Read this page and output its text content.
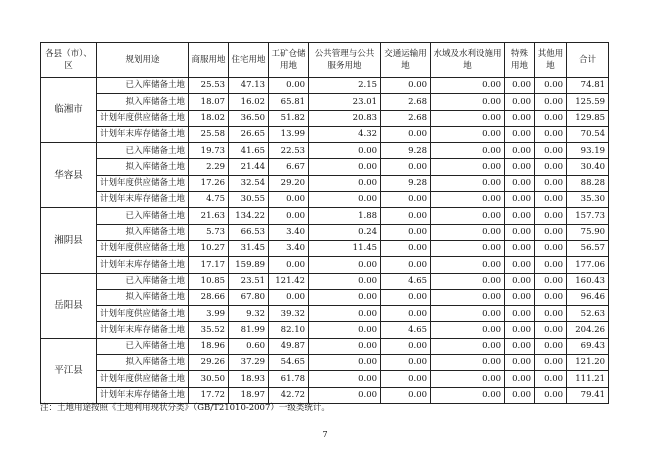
各县（市）、区	规划用途	商服用地	住宅用地	工矿仓储用地	公共管理与公共服务用地	交通运输用地	水域及水利设施用地	特殊用地	其他用地	合计
临湘市	已入库储备土地	25.53	47.13	0.00	2.15	0.00	0.00	0.00	0.00	74.81
	拟入库储备土地	18.07	16.02	65.81	23.01	2.68	0.00	0.00	0.00	125.59
	计划年度供应储备土地	18.02	36.50	51.82	20.83	2.68	0.00	0.00	0.00	129.85
	计划年末库存储备土地	25.58	26.65	13.99	4.32	0.00	0.00	0.00	0.00	70.54
华容县	已入库储备土地	19.73	41.65	22.53	0.00	9.28	0.00	0.00	0.00	93.19
	拟入库储备土地	2.29	21.44	6.67	0.00	0.00	0.00	0.00	0.00	30.40
	计划年度供应储备土地	17.26	32.54	29.20	0.00	9.28	0.00	0.00	0.00	88.28
	计划年末库存储备土地	4.75	30.55	0.00	0.00	0.00	0.00	0.00	0.00	35.30
湘阴县	已入库储备土地	21.63	134.22	0.00	1.88	0.00	0.00	0.00	0.00	157.73
	拟入库储备土地	5.73	66.53	3.40	0.24	0.00	0.00	0.00	0.00	75.90
	计划年度供应储备土地	10.27	31.45	3.40	11.45	0.00	0.00	0.00	0.00	56.57
	计划年末库存储备土地	17.17	159.89	0.00	0.00	0.00	0.00	0.00	0.00	177.06
岳阳县	已入库储备土地	10.85	23.51	121.42	0.00	4.65	0.00	0.00	0.00	160.43
	拟入库储备土地	28.66	67.80	0.00	0.00	0.00	0.00	0.00	0.00	96.46
	计划年度供应储备土地	3.99	9.32	39.32	0.00	0.00	0.00	0.00	0.00	52.63
	计划年末库存储备土地	35.52	81.99	82.10	0.00	4.65	0.00	0.00	0.00	204.26
平江县	已入库储备土地	18.96	0.60	49.87	0.00	0.00	0.00	0.00	0.00	69.43
	拟入库储备土地	29.26	37.29	54.65	0.00	0.00	0.00	0.00	0.00	121.20
	计划年度供应储备土地	30.50	18.93	61.78	0.00	0.00	0.00	0.00	0.00	111.21
	计划年末库存储备土地	17.72	18.97	42.72	0.00	0.00	0.00	0.00	0.00	79.41
注：土地用途按照《土地利用现状分类》（GB/T21010-2007）一级类统计。
7
